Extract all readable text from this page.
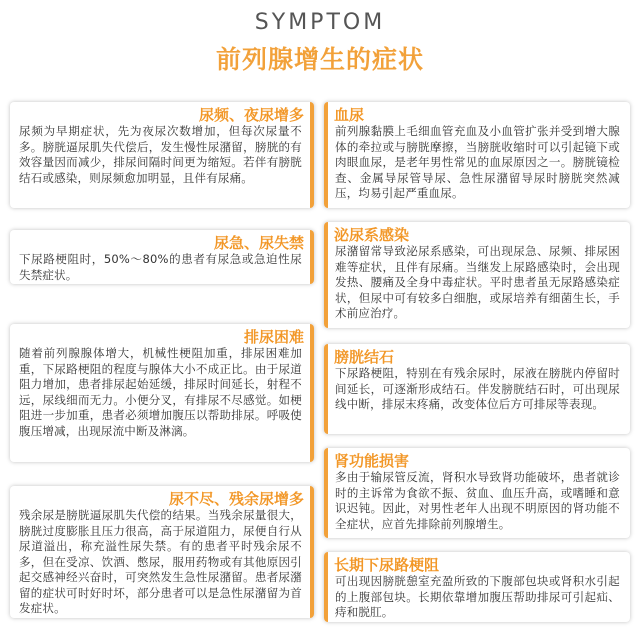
SYMPTOM
前列腺增生的症状
尿频、夜尿增多

尿频为早期症状，先为夜尿次数增加，但每次尿量不多。膀胱逼尿肌失代偿后，发生慢性尿潴留，膀胱的有效容量因而减少，排尿间隔时间更为缩短。若伴有膀胱结石或感染，则尿频愈加明显，且伴有尿痛。

尿急、尿失禁

下尿路梗阻时，50%～80%的患者有尿急或急迫性尿失禁症状。

排尿困难

随着前列腺腺体增大，机械性梗阻加重，排尿困难加重，下尿路梗阻的程度与腺体大小不成正比。由于尿道阻力增加，患者排尿起始延缓，排尿时间延长，射程不远，尿线细而无力。小便分叉，有排尿不尽感觉。如梗阻进一步加重，患者必须增加腹压以帮助排尿。呼吸使腹压增减，出现尿流中断及淋漓。

尿不尽、残余尿增多

残余尿是膀胱逼尿肌失代偿的结果。当残余尿量很大，膀胱过度膨胀且压力很高，高于尿道阻力，尿便自行从尿道溢出，称充溢性尿失禁。有的患者平时残余尿不多，但在受凉、饮酒、憋尿，服用药物或有其他原因引起交感神经兴奋时，可突然发生急性尿潴留。患者尿潴留的症状可时好时坏，部分患者可以是急性尿潴留为首发症状。

血尿

前列腺黏膜上毛细血管充血及小血管扩张并受到增大腺体的牵拉或与膀胱摩擦，当膀胱收缩时可以引起镜下或肉眼血尿，是老年男性常见的血尿原因之一。膀胱镜检查、金属导尿管导尿、急性尿潴留导尿时膀胱突然减压，均易引起严重血尿。

泌尿系感染

尿潴留常导致泌尿系感染，可出现尿急、尿频、排尿困难等症状，且伴有尿痛。当继发上尿路感染时，会出现发热、腰痛及全身中毒症状。平时患者虽无尿路感染症状，但尿中可有较多白细胞，或尿培养有细菌生长，手术前应治疗。

膀胱结石

下尿路梗阻，特别在有残余尿时，尿液在膀胱内停留时间延长，可逐渐形成结石。伴发膀胱结石时，可出现尿线中断，排尿末疼痛，改变体位后方可排尿等表现。

肾功能损害

多由于输尿管反流，肾积水导致肾功能破坏，患者就诊时的主诉常为食欲不振、贫血、血压升高，或嗜睡和意识迟钝。因此，对男性老年人出现不明原因的肾功能不全症状，应首先排除前列腺增生。

长期下尿路梗阻

可出现因膀胱憩室充盈所致的下腹部包块或肾积水引起的上腹部包块。长期依靠增加腹压帮助排尿可引起疝、痔和脱肛。
